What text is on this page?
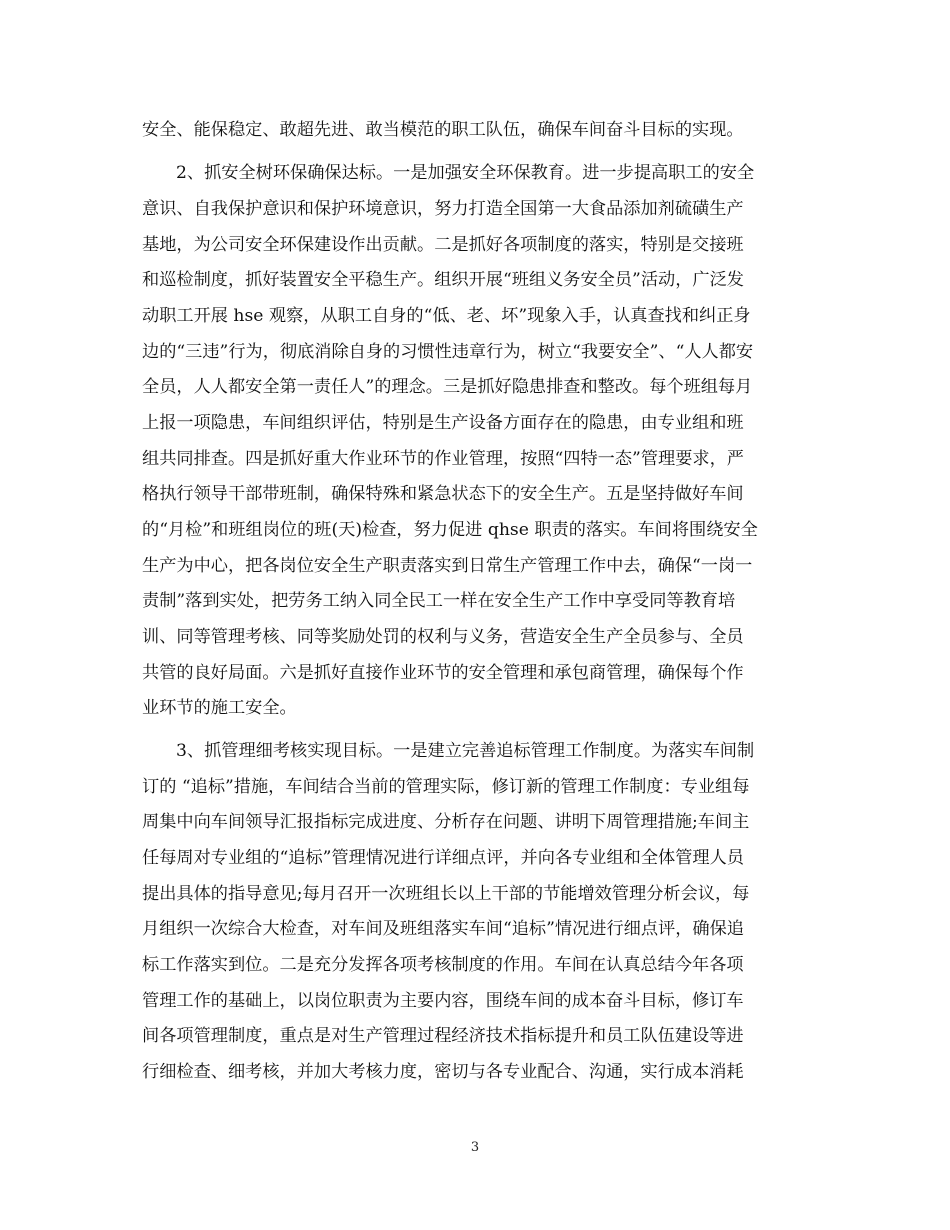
安全、能保稳定、敢超先进、敢当模范的职工队伍，确保车间奋斗目标的实现。
2、抓安全树环保确保达标。一是加强安全环保教育。进一步提高职工的安全
意识、自我保护意识和保护环境意识，努力打造全国第一大食品添加剂硫磺生产
基地，为公司安全环保建设作出贡献。二是抓好各项制度的落实，特别是交接班
和巡检制度，抓好装置安全平稳生产。组织开展“班组义务安全员”活动，广泛发
动职工开展 hse 观察，从职工自身的“低、老、坏”现象入手，认真查找和纠正身
边的“三违”行为，彻底消除自身的习惯性违章行为，树立“我要安全”、“人人都安
全员，人人都安全第一责任人”的理念。三是抓好隐患排查和整改。每个班组每月
上报一项隐患，车间组织评估，特别是生产设备方面存在的隐患，由专业组和班
组共同排查。四是抓好重大作业环节的作业管理，按照“四特一态”管理要求，严
格执行领导干部带班制，确保特殊和紧急状态下的安全生产。五是坚持做好车间
的“月检”和班组岗位的班(天)检查，努力促进 qhse 职责的落实。车间将围绕安全
生产为中心，把各岗位安全生产职责落实到日常生产管理工作中去，确保“一岗一
责制”落到实处，把劳务工纳入同全民工一样在安全生产工作中享受同等教育培
训、同等管理考核、同等奖励处罚的权利与义务，营造安全生产全员参与、全员
共管的良好局面。六是抓好直接作业环节的安全管理和承包商管理，确保每个作
业环节的施工安全。
3、抓管理细考核实现目标。一是建立完善追标管理工作制度。为落实车间制
订的 “追标”措施，车间结合当前的管理实际，修订新的管理工作制度：专业组每
周集中向车间领导汇报指标完成进度、分析存在问题、讲明下周管理措施;车间主
任每周对专业组的“追标”管理情况进行详细点评，并向各专业组和全体管理人员
提出具体的指导意见;每月召开一次班组长以上干部的节能增效管理分析会议，每
月组织一次综合大检查，对车间及班组落实车间“追标”情况进行细点评，确保追
标工作落实到位。二是充分发挥各项考核制度的作用。车间在认真总结今年各项
管理工作的基础上，以岗位职责为主要内容，围绕车间的成本奋斗目标，修订车
间各项管理制度，重点是对生产管理过程经济技术指标提升和员工队伍建设等进
行细检查、细考核，并加大考核力度，密切与各专业配合、沟通，实行成本消耗
3
